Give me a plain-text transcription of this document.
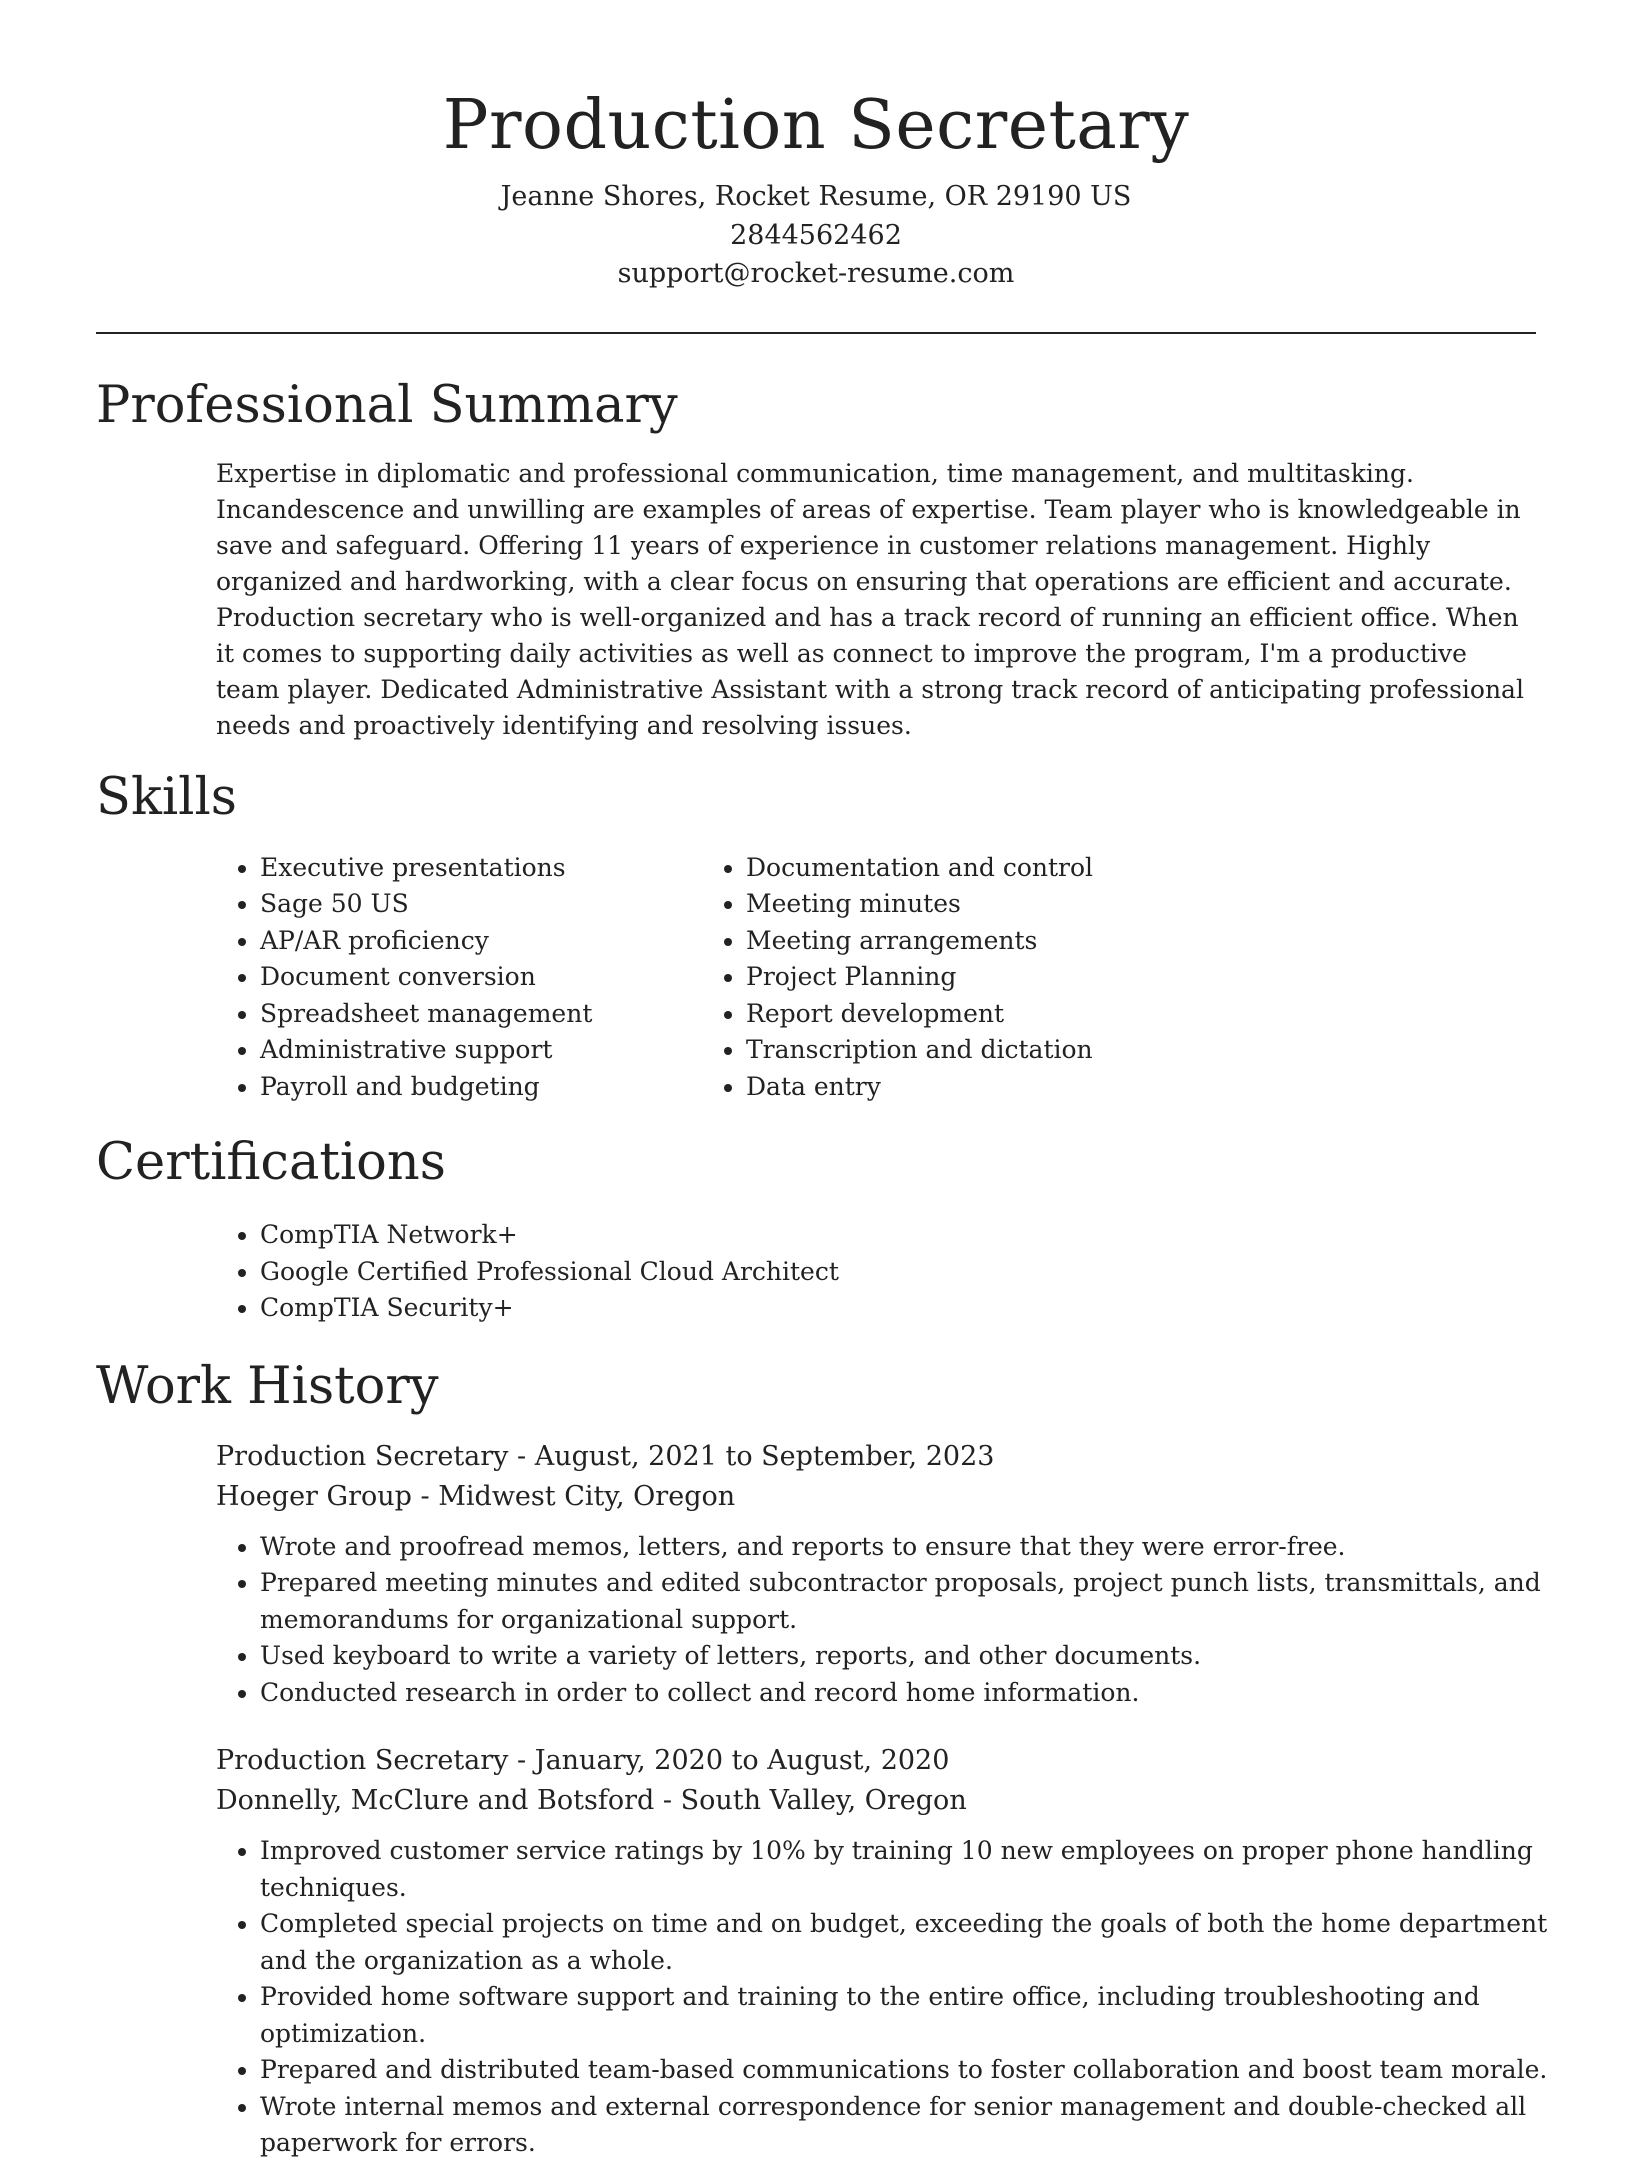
Production Secretary
Jeanne Shores, Rocket Resume, OR 29190 US
2844562462
support@rocket-resume.com
Professional Summary

Expertise in diplomatic and professional communication, time management, and multitasking. Incandescence and unwilling are examples of areas of expertise. Team player who is knowledgeable in save and safeguard. Offering 11 years of experience in customer relations management. Highly organized and hardworking, with a clear focus on ensuring that operations are efficient and accurate. Production secretary who is well-organized and has a track record of running an efficient office. When it comes to supporting daily activities as well as connect to improve the program, I'm a productive team player. Dedicated Administrative Assistant with a strong track record of anticipating professional needs and proactively identifying and resolving issues.

Skills
• Executive presentations
• Sage 50 US
• AP/AR proficiency
• Document conversion
• Spreadsheet management
• Administrative support
• Payroll and budgeting
• Documentation and control
• Meeting minutes
• Meeting arrangements
• Project Planning
• Report development
• Transcription and dictation
• Data entry
Certifications
• CompTIA Network+
• Google Certified Professional Cloud Architect
• CompTIA Security+
Work History
Production Secretary - August, 2021 to September, 2023
Hoeger Group - Midwest City, Oregon
• Wrote and proofread memos, letters, and reports to ensure that they were error-free.
• Prepared meeting minutes and edited subcontractor proposals, project punch lists, transmittals, and memorandums for organizational support.
• Used keyboard to write a variety of letters, reports, and other documents.
• Conducted research in order to collect and record home information.
Production Secretary - January, 2020 to August, 2020
Donnelly, McClure and Botsford - South Valley, Oregon
• Improved customer service ratings by 10% by training 10 new employees on proper phone handling techniques.
• Completed special projects on time and on budget, exceeding the goals of both the home department and the organization as a whole.
• Provided home software support and training to the entire office, including troubleshooting and optimization.
• Prepared and distributed team-based communications to foster collaboration and boost team morale.
• Wrote internal memos and external correspondence for senior management and double-checked all paperwork for errors.
